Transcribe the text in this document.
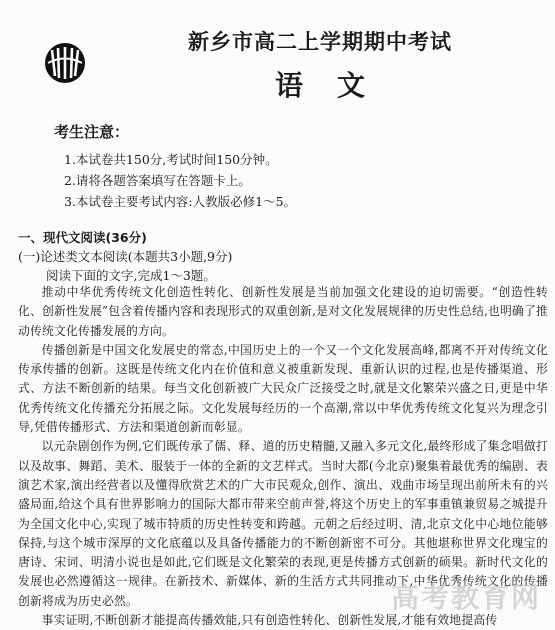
新乡市高二上学期期中考试
语文
考生注意：
1.本试卷共150分,考试时间150分钟。
2.请将各题答案填写在答题卡上。
3.本试卷主要考试内容:人教版必修1～5。
一、现代文阅读(36分)
(一)论述类文本阅读(本题共3小题,9分)
阅读下面的文字,完成1～3题。

推动中华优秀传统文化创造性转化、创新性发展是当前加强文化建设的迫切需要。“创造性转化、创新性发展”包含着传播内容和表现形式的双重创新,是对文化发展规律的历史性总结,也明确了推动传统文化传播发展的方向。

传播创新是中国文化发展史的常态,中国历史上的一个又一个文化发展高峰,都离不开对传统文化传承传播的创新。这既是传统文化内在价值和意义被重新发现、重新认识的过程,也是传播渠道、形式、方法不断创新的结果。每当文化创新被广大民众广泛接受之时,就是文化繁荣兴盛之日,更是中华优秀传统文化传播充分拓展之际。文化发展每经历的一个高潮,常以中华优秀传统文化复兴为理念引导,凭借传播形式、方法和渠道创新而彰显。

以元杂剧创作为例,它们既传承了儒、释、道的历史精髓,又融入多元文化,最终形成了集念唱做打以及故事、舞蹈、美术、服装于一体的全新的文艺样式。当时大都(今北京)聚集着最优秀的编剧、表演艺术家,演出经营者以及懂得欣赏艺术的广大市民观众,创作、演出、戏曲市场呈现出前所未有的兴盛局面,给这个具有世界影响力的国际大都市带来空前声誉,将这个历史上的军事重镇兼贸易之城提升为全国文化中心,实现了城市特质的历史性转变和跨越。元朝之后经过明、清,北京文化中心地位能够保持,与这个城市深厚的文化底蕴以及具备传播能力的不断创新密不可分。其他堪称世界文化瑰宝的唐诗、宋词、明清小说也是如此,它们既是文化繁荣的表现,更是传播方式创新的硕果。新时代文化的发展也必然遵循这一规律。在新技术、新媒体、新的生活方式共同推动下,中华优秀传统文化的传播创新将成为历史必然。

事实证明,不断创新才能提高传播效能,只有创造性转化、创新性发展,才能有效地提高传

高考教育网
